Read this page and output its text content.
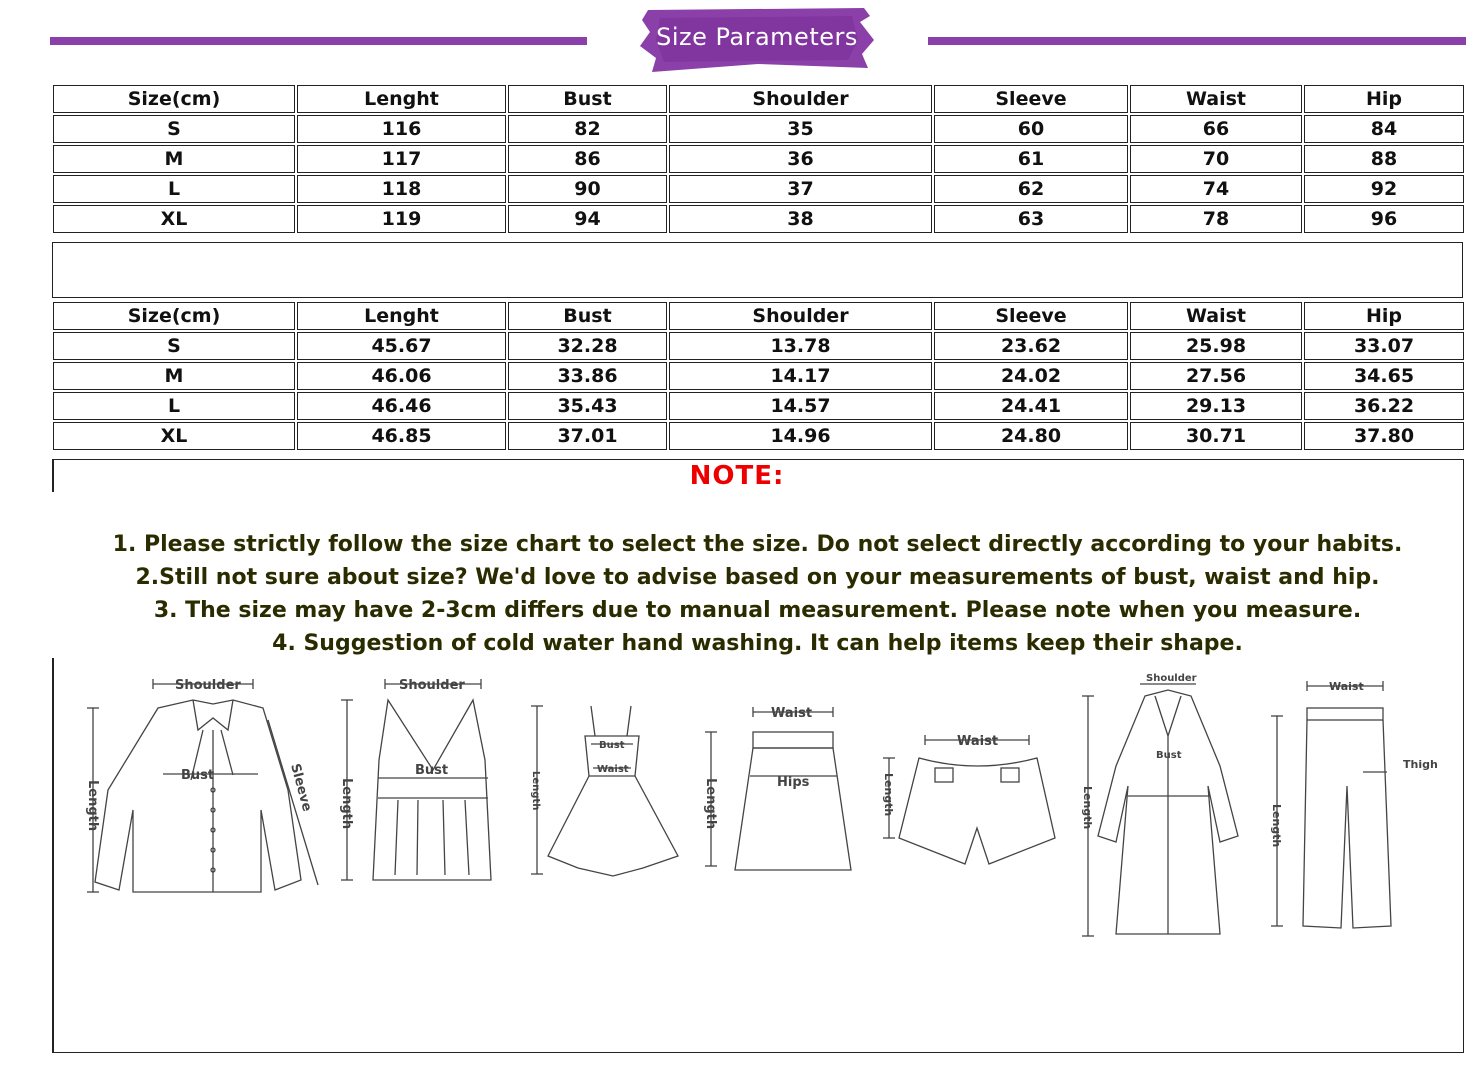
Size Parameters
Size(cm)	Lenght	Bust	Shoulder	Sleeve	Waist	Hip
S	116	82	35	60	66	84
M	117	86	36	61	70	88
L	118	90	37	62	74	92
XL	119	94	38	63	78	96
Size(cm)	Lenght	Bust	Shoulder	Sleeve	Waist	Hip
S	45.67	32.28	13.78	23.62	25.98	33.07
M	46.06	33.86	14.17	24.02	27.56	34.65
L	46.46	35.43	14.57	24.41	29.13	36.22
XL	46.85	37.01	14.96	24.80	30.71	37.80
NOTE:
1. Please strictly follow the size chart to select the size. Do not select directly according to your habits.
2.Still not sure about size? We'd love to advise based on your measurements of bust, waist and hip.
3. The size may have 2-3cm differs due to manual measurement. Please note when you measure.
4. Suggestion of cold water hand washing. It can help items keep their shape.
Shoulder
Bust
Length	Sleeve
Shoulder
Bust
Length
Bust
Waist
Length
Waist
Hips
Length
Waist
Length
Shoulder
Bust
Length
Waist
Thigh
Length
